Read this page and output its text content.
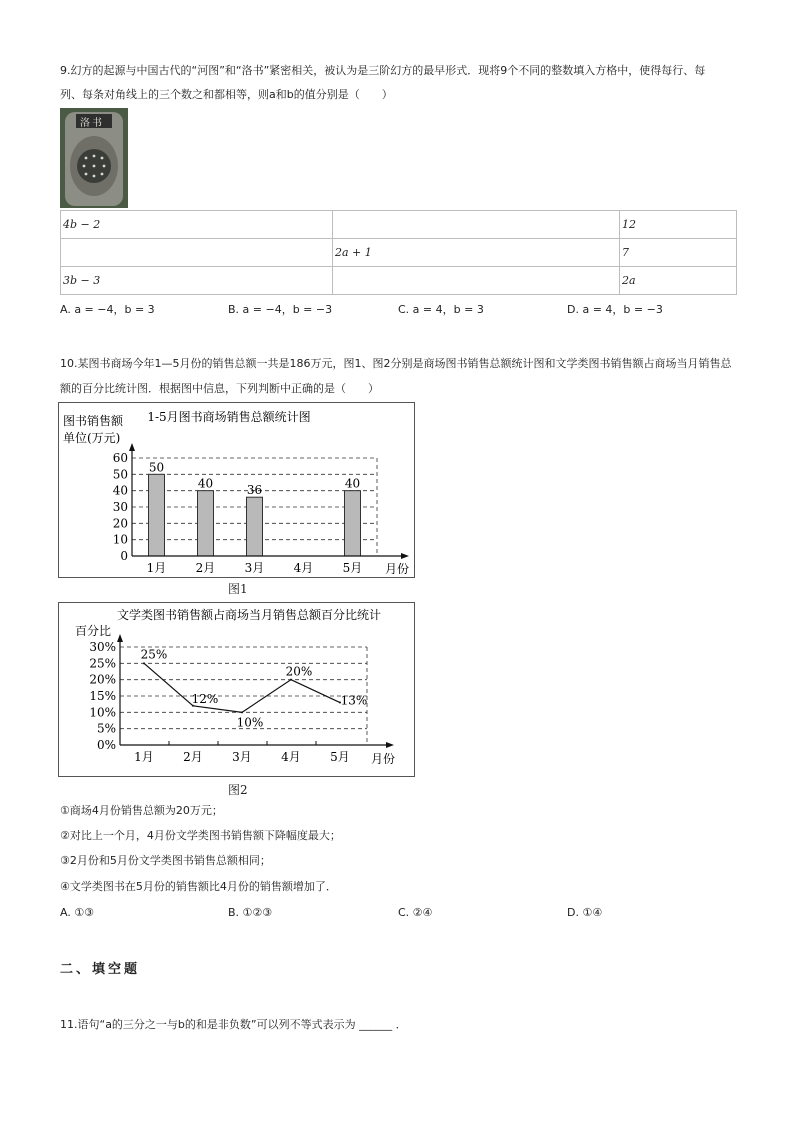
9.幻方的起源与中国古代的“河图”和“洛书”紧密相关，被认为是三阶幻方的最早形式．现将9个不同的整数填入方格中，使得每行、每
列、每条对角线上的三个数之和都相等，则a和b的值分别是（　　）
洛书
4b − 2		12
	2a + 1	7
3b − 3		2a
A. a = −4，b = 3	B. a = −4，b = −3	C. a = 4，b = 3	D. a = 4，b = −3
10.某图书商场今年1—5月份的销售总额一共是186万元，图1、图2分别是商场图书销售总额统计图和文学类图书销售额占商场当月销售总
额的百分比统计图．根据图中信息，下列判断中正确的是（　　）
1-5月图书商场销售总额统计图
图书销售额
单位(万元)
月份
50
40	36	40
0
10
20
30
40
50
60
1月 2月 3月 4月 5月
图1
文学类图书销售额占商场当月销售总额百分比统计
百分比
月份
25%
12%
10%
20%
13%
0%
5%
10%
15%
20%
25%
30%
1月 2月 3月 4月 5月
图2
①商场4月份销售总额为20万元；
②对比上一个月，4月份文学类图书销售额下降幅度最大；
③2月份和5月份文学类图书销售总额相同；
④文学类图书在5月份的销售额比4月份的销售额增加了．
A. ①③	B. ①②③	C. ②④	D. ①④
二、填空题
11.语句“a的三分之一与b的和是非负数”可以列不等式表示为 ______ ．
